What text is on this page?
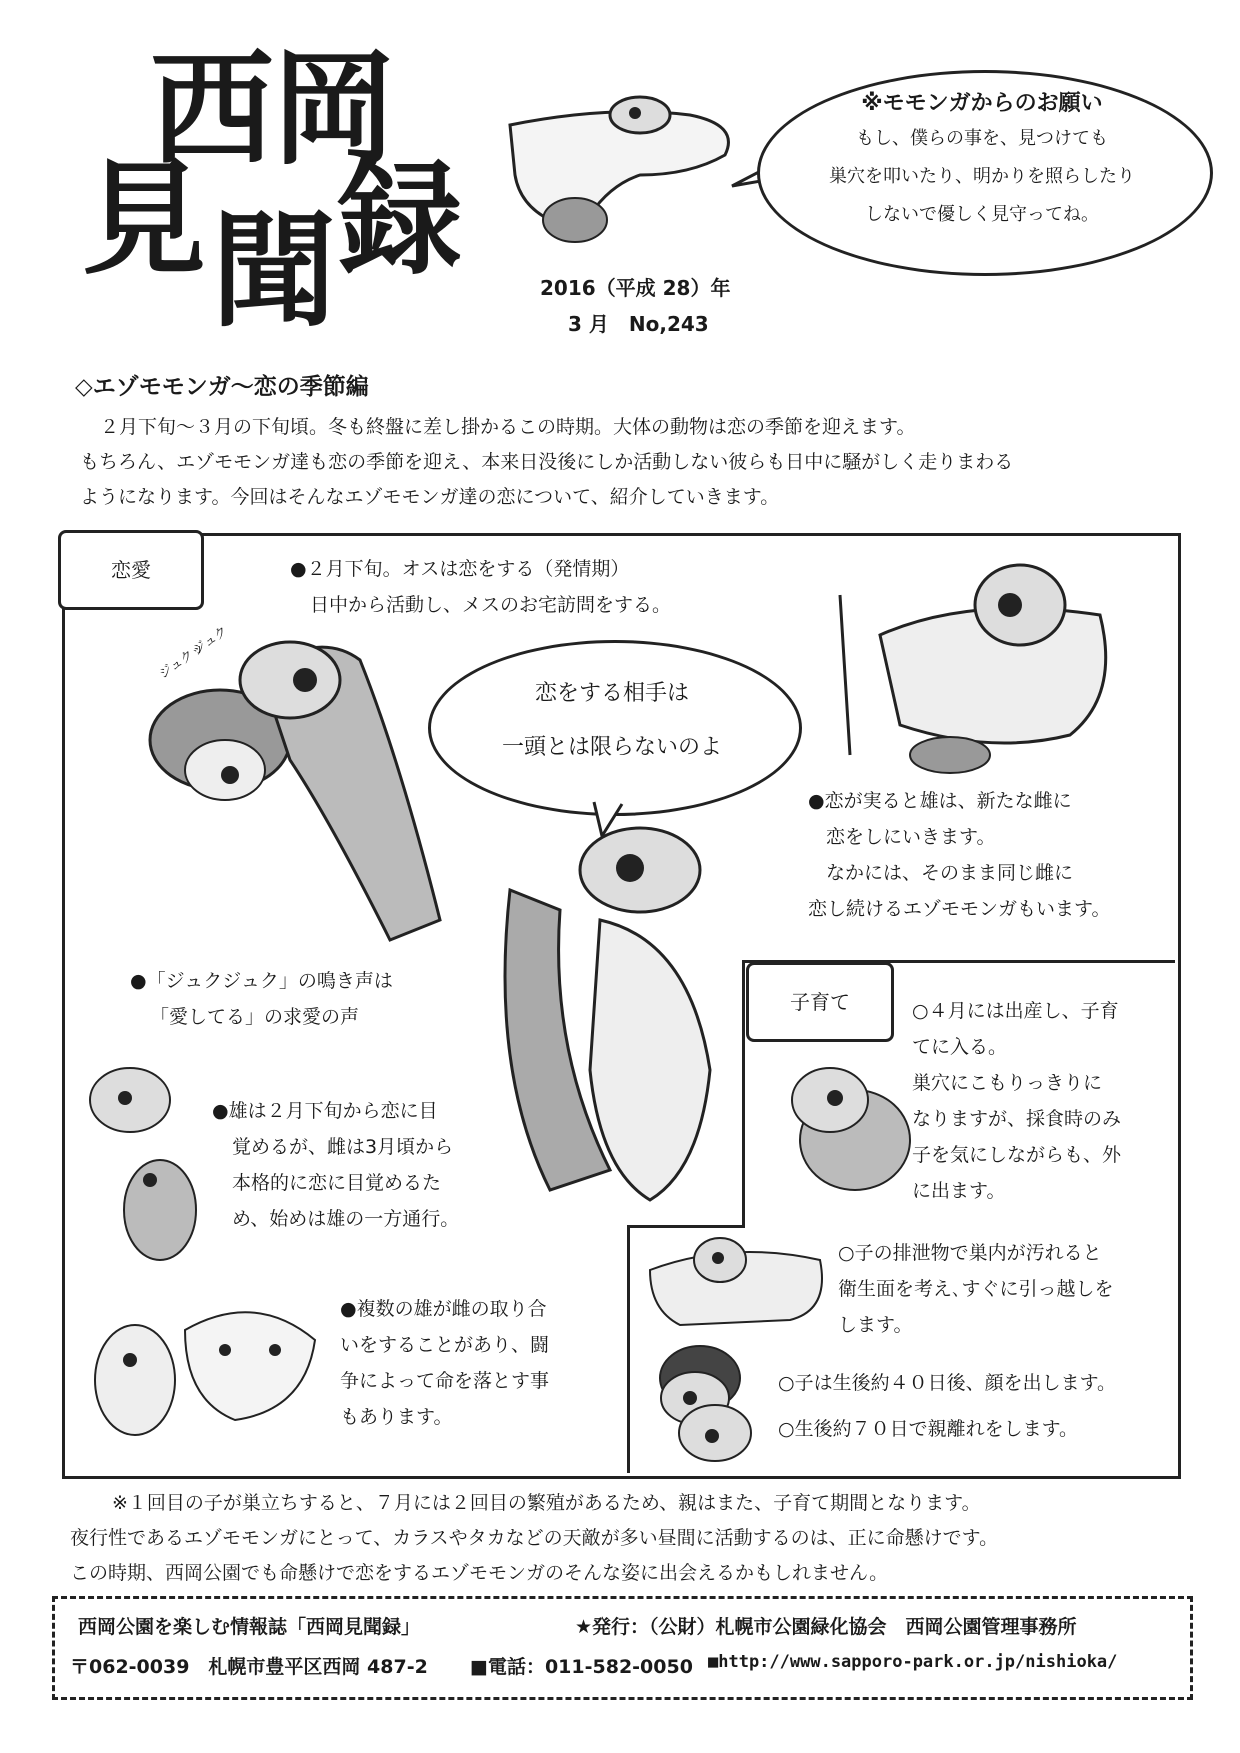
西 岡
見 聞 録
※モモンガからのお願い
もし、僕らの事を、見つけても
巣穴を叩いたり、明かりを照らしたり
しないで優しく見守ってね。
2016（平成 28）年
3 月　No,243
◇エゾモモンガ～恋の季節編
２月下旬～３月の下旬頃。冬も終盤に差し掛かるこの時期。大体の動物は恋の季節を迎えます。
もちろん、エゾモモンガ達も恋の季節を迎え、本来日没後にしか活動しない彼らも日中に騒がしく走りまわる
ようになります。今回はそんなエゾモモンガ達の恋について、紹介していきます。
恋愛	●２月下旬。オスは恋をする（発情期）
日中から活動し、メスのお宅訪問をする。
恋をする相手は
一頭とは限らないのよ
●恋が実ると雄は、新たな雌に
恋をしにいきます。
なかには、そのまま同じ雌に
恋し続けるエゾモモンガもいます。
●「ジュクジュク」の鳴き声は
「愛してる」の求愛の声
●雄は２月下旬から恋に目
覚めるが、雌は3月頃から
本格的に恋に目覚めるた
め、始めは雄の一方通行。
●複数の雄が雌の取り合
いをすることがあり、闘
争によって命を落とす事
もあります。
ジュクッ
ジュク
子育て	○４月には出産し、子育
てに入る。
巣穴にこもりっきりに
なりますが、採食時のみ
子を気にしながらも、外
に出ます。
○子の排泄物で巣内が汚れると
衛生面を考え､すぐに引っ越しを
します。
○子は生後約４０日後、顔を出します。
○生後約７０日で親離れをします。
※１回目の子が巣立ちすると、７月には２回目の繁殖があるため、親はまた、子育て期間となります。
夜行性であるエゾモモンガにとって、カラスやタカなどの天敵が多い昼間に活動するのは、正に命懸けです。
この時期、西岡公園でも命懸けで恋をするエゾモモンガのそんな姿に出会えるかもしれません。
西岡公園を楽しむ情報誌「西岡見聞録」	★発行：（公財）札幌市公園緑化協会　西岡公園管理事務所
〒062-0039　札幌市豊平区西岡 487-2 ■電話：011-582-0050 ■http://www.sapporo-park.or.jp/nishioka/
